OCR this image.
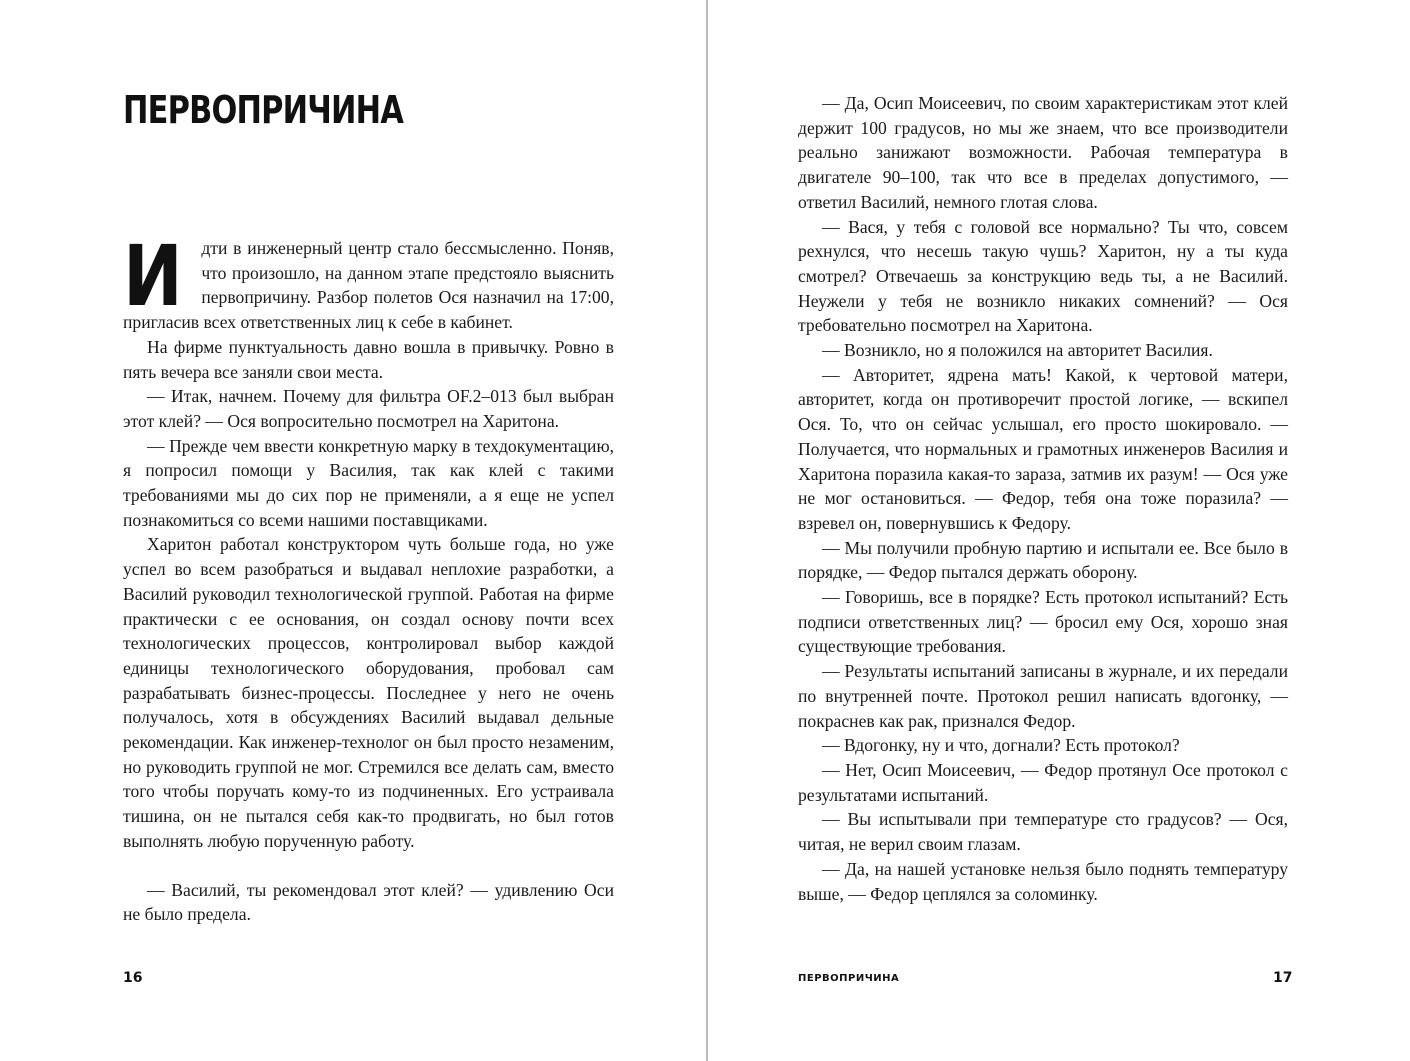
ПЕРВОПРИЧИНА

И дти в инженерный центр стало бессмысленно. Поняв, что произошло, на данном этапе предстояло выяснить первопричину. Разбор полетов Ося назначил на 17:00, пригласив всех ответственных лиц к себе в кабинет.

На фирме пунктуальность давно вошла в привычку. Ровно в пять вечера все заняли свои места.

— Итак, начнем. Почему для фильтра OF.2–013 был выбран этот клей? — Ося вопросительно посмотрел на Харитона.

— Прежде чем ввести конкретную марку в техдокументацию, я попросил помощи у Василия, так как клей с такими требованиями мы до сих пор не применяли, а я еще не успел познакомиться со всеми нашими поставщиками.

Харитон работал конструктором чуть больше года, но уже успел во всем разобраться и выдавал неплохие разработки, а Василий руководил технологической группой. Работая на фирме практически с ее основания, он создал основу почти всех технологических процессов, контролировал выбор каждой единицы технологического оборудования, пробовал сам разрабатывать бизнес-процессы. Последнее у него не очень получалось, хотя в обсуждениях Василий выдавал дельные рекомендации. Как инженер-технолог он был просто незаменим, но руководить группой не мог. Стремился все делать сам, вместо того чтобы поручать кому-то из подчиненных. Его устраивала тишина, он не пытался себя как-то продвигать, но был готов выполнять любую порученную работу.

— Василий, ты рекомендовал этот клей? — удивлению Оси не было предела.

16

— Да, Осип Моисеевич, по своим характеристикам этот клей держит 100 градусов, но мы же знаем, что все производители реально занижают возможности. Рабочая температура в двигателе 90–100, так что все в пределах допустимого, — ответил Василий, немного глотая слова.

— Вася, у тебя с головой все нормально? Ты что, совсем рехнулся, что несешь такую чушь? Харитон, ну а ты куда смотрел? Отвечаешь за конструкцию ведь ты, а не Василий. Неужели у тебя не возникло никаких сомнений? — Ося требовательно посмотрел на Харитона.

— Возникло, но я положился на авторитет Василия.

— Авторитет, ядрена мать! Какой, к чертовой матери, авторитет, когда он противоречит простой логике, — вскипел Ося. То, что он сейчас услышал, его просто шокировало. — Получается, что нормальных и грамотных инженеров Василия и Харитона поразила какая-то зараза, затмив их разум! — Ося уже не мог остановиться. — Федор, тебя она тоже поразила? — взревел он, повернувшись к Федору.

— Мы получили пробную партию и испытали ее. Все было в порядке, — Федор пытался держать оборону.

— Говоришь, все в порядке? Есть протокол испытаний? Есть подписи ответственных лиц? — бросил ему Ося, хорошо зная существующие требования.

— Результаты испытаний записаны в журнале, и их передали по внутренней почте. Протокол решил написать вдогонку, — покраснев как рак, признался Федор.

— Вдогонку, ну и что, догнали? Есть протокол?

— Нет, Осип Моисеевич, — Федор протянул Осе протокол с результатами испытаний.

— Вы испытывали при температуре сто градусов? — Ося, читая, не верил своим глазам.

— Да, на нашей установке нельзя было поднять температуру выше, — Федор цеплялся за соломинку.

ПЕРВОПРИЧИНА	17
